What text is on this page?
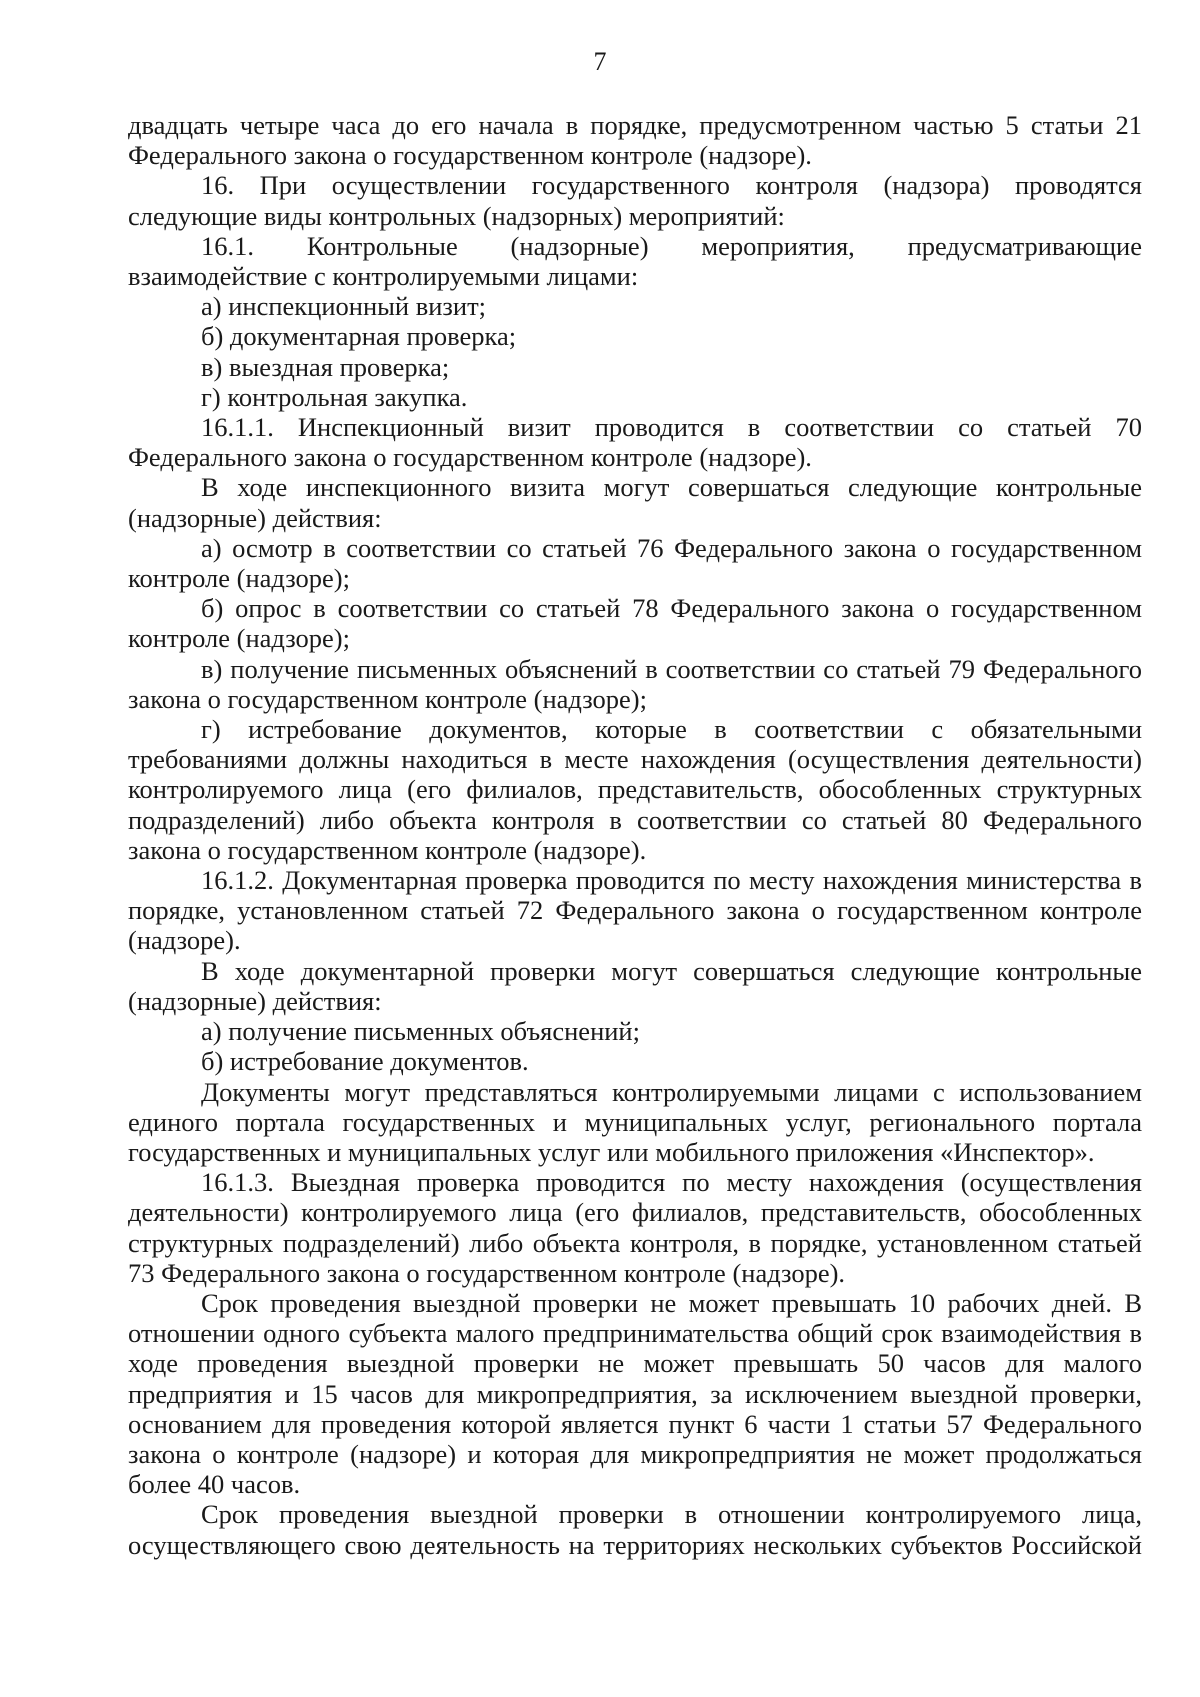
7

двадцать четыре часа до его начала в порядке, предусмотренном частью 5 статьи 21 Федерального закона о государственном контроле (надзоре).

16. При осуществлении государственного контроля (надзора) проводятся следующие виды контрольных (надзорных) мероприятий:

16.1. Контрольные (надзорные) мероприятия, предусматривающие взаимодействие с контролируемыми лицами:

а) инспекционный визит;

б) документарная проверка;

в) выездная проверка;

г) контрольная закупка.

16.1.1. Инспекционный визит проводится в соответствии со статьей 70 Федерального закона о государственном контроле (надзоре).

В ходе инспекционного визита могут совершаться следующие контрольные (надзорные) действия:

а) осмотр в соответствии со статьей 76 Федерального закона о государственном контроле (надзоре);

б) опрос в соответствии со статьей 78 Федерального закона о государственном контроле (надзоре);

в) получение письменных объяснений в соответствии со статьей 79 Федерального закона о государственном контроле (надзоре);

г) истребование документов, которые в соответствии с обязательными требованиями должны находиться в месте нахождения (осуществления деятельности) контролируемого лица (его филиалов, представительств, обособленных структурных подразделений) либо объекта контроля в соответствии со статьей 80 Федерального закона о государственном контроле (надзоре).

16.1.2. Документарная проверка проводится по месту нахождения министерства в порядке, установленном статьей 72 Федерального закона о государственном контроле (надзоре).

В ходе документарной проверки могут совершаться следующие контрольные (надзорные) действия:

а) получение письменных объяснений;

б) истребование документов.

Документы могут представляться контролируемыми лицами с использованием единого портала государственных и муниципальных услуг, регионального портала государственных и муниципальных услуг или мобильного приложения «Инспектор».

16.1.3. Выездная проверка проводится по месту нахождения (осуществления деятельности) контролируемого лица (его филиалов, представительств, обособленных структурных подразделений) либо объекта контроля, в порядке, установленном статьей 73 Федерального закона о государственном контроле (надзоре).

Срок проведения выездной проверки не может превышать 10 рабочих дней. В отношении одного субъекта малого предпринимательства общий срок взаимодействия в ходе проведения выездной проверки не может превышать 50 часов для малого предприятия и 15 часов для микропредприятия, за исключением выездной проверки, основанием для проведения которой является пункт 6 части 1 статьи 57 Федерального закона о контроле (надзоре) и которая для микропредприятия не может продолжаться более 40 часов.

Срок проведения выездной проверки в отношении контролируемого лица, осуществляющего свою деятельность на территориях нескольких субъектов Российской
